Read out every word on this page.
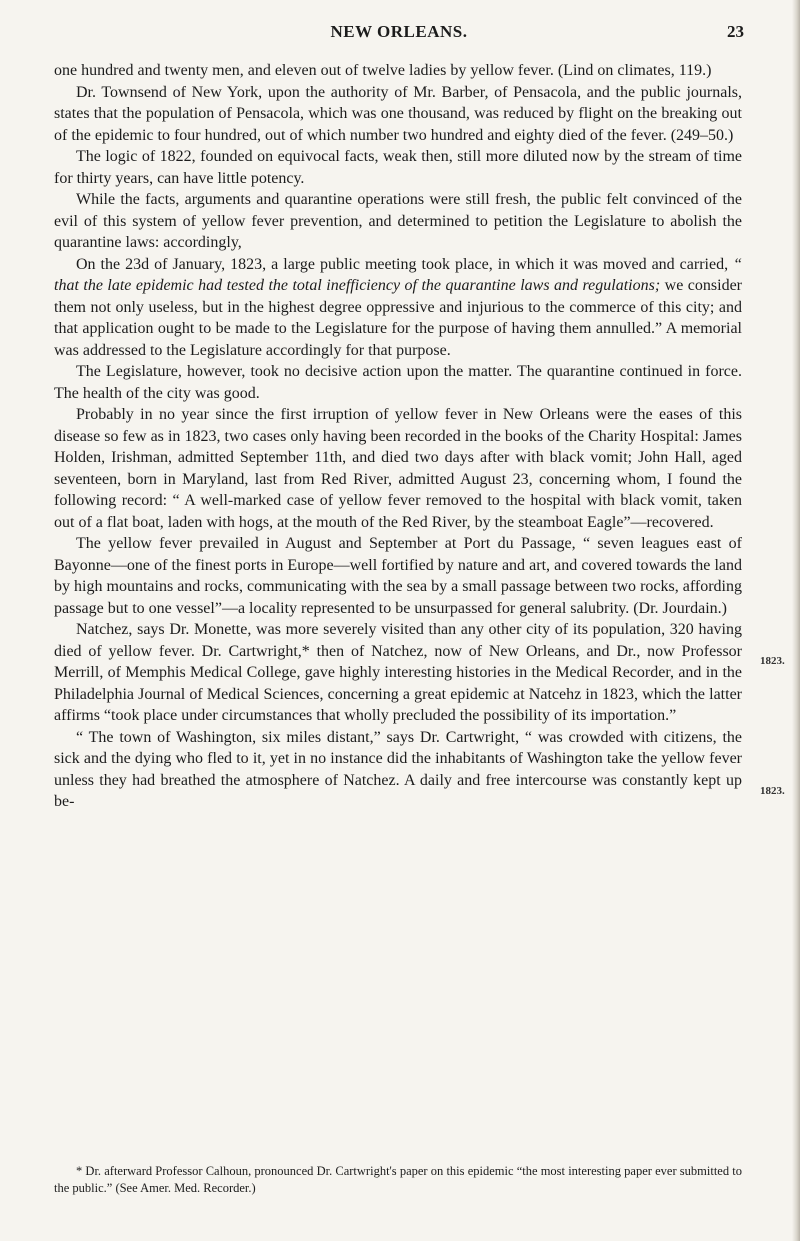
NEW ORLEANS.	23

one hundred and twenty men, and eleven out of twelve ladies by yellow fever. (Lind on climates, 119.)

Dr. Townsend of New York, upon the authority of Mr. Barber, of Pensacola, and the public journals, states that the population of Pensacola, which was one thousand, was reduced by flight on the breaking out of the epidemic to four hundred, out of which number two hundred and eighty died of the fever. (249–50.)

The logic of 1822, founded on equivocal facts, weak then, still more diluted now by the stream of time for thirty years, can have little potency.

While the facts, arguments and quarantine operations were still fresh, the public felt convinced of the evil of this system of yellow fever prevention, and determined to petition the Legislature to abolish the quarantine laws: accordingly,

On the 23d of January, 1823, a large public meeting took place, in which it was moved and carried, “ that the late epidemic had tested the total inefficiency of the quarantine laws and regulations; we consider them not only useless, but in the highest degree oppressive and injurious to the commerce of this city; and that application ought to be made to the Legislature for the purpose of having them annulled.” A memorial was addressed to the Legislature accordingly for that purpose.

The Legislature, however, took no decisive action upon the matter. The quarantine continued in force. The health of the city was good.

Probably in no year since the first irruption of yellow fever in New Orleans were the eases of this disease so few as in 1823, two cases only having been recorded in the books of the Charity Hospital: James Holden, Irishman, admitted September 11th, and died two days after with black vomit; John Hall, aged seventeen, born in Maryland, last from Red River, admitted August 23, concerning whom, I found the following record: “ A well-marked case of yellow fever removed to the hospital with black vomit, taken out of a flat boat, laden with hogs, at the mouth of the Red River, by the steamboat Eagle”—recovered.

The yellow fever prevailed in August and September at Port du Passage, “ seven leagues east of Bayonne—one of the finest ports in Europe—well fortified by nature and art, and covered towards the land by high mountains and rocks, communicating with the sea by a small passage between two rocks, affording passage but to one vessel”—a locality represented to be unsurpassed for general salubrity. (Dr. Jourdain.)

Natchez, says Dr. Monette, was more severely visited than any other city of its population, 320 having died of yellow fever. Dr. Cartwright,* then of Natchez, now of New Orleans, and Dr., now Professor Merrill, of Memphis Medical College, gave highly interesting histories in the Medical Recorder, and in the Philadelphia Journal of Medical Sciences, concerning a great epidemic at Natcehz in 1823, which the latter affirms “took place under circumstances that wholly precluded the possibility of its importation.”

“ The town of Washington, six miles distant,” says Dr. Cartwright, “ was crowded with citizens, the sick and the dying who fled to it, yet in no instance did the inhabitants of Washington take the yellow fever unless they had breathed the atmosphere of Natchez. A daily and free intercourse was constantly kept up be-

1823.
1823.

* Dr. afterward Professor Calhoun, pronounced Dr. Cartwright's paper on this epidemic “the most interesting paper ever submitted to the public.” (See Amer. Med. Recorder.)
